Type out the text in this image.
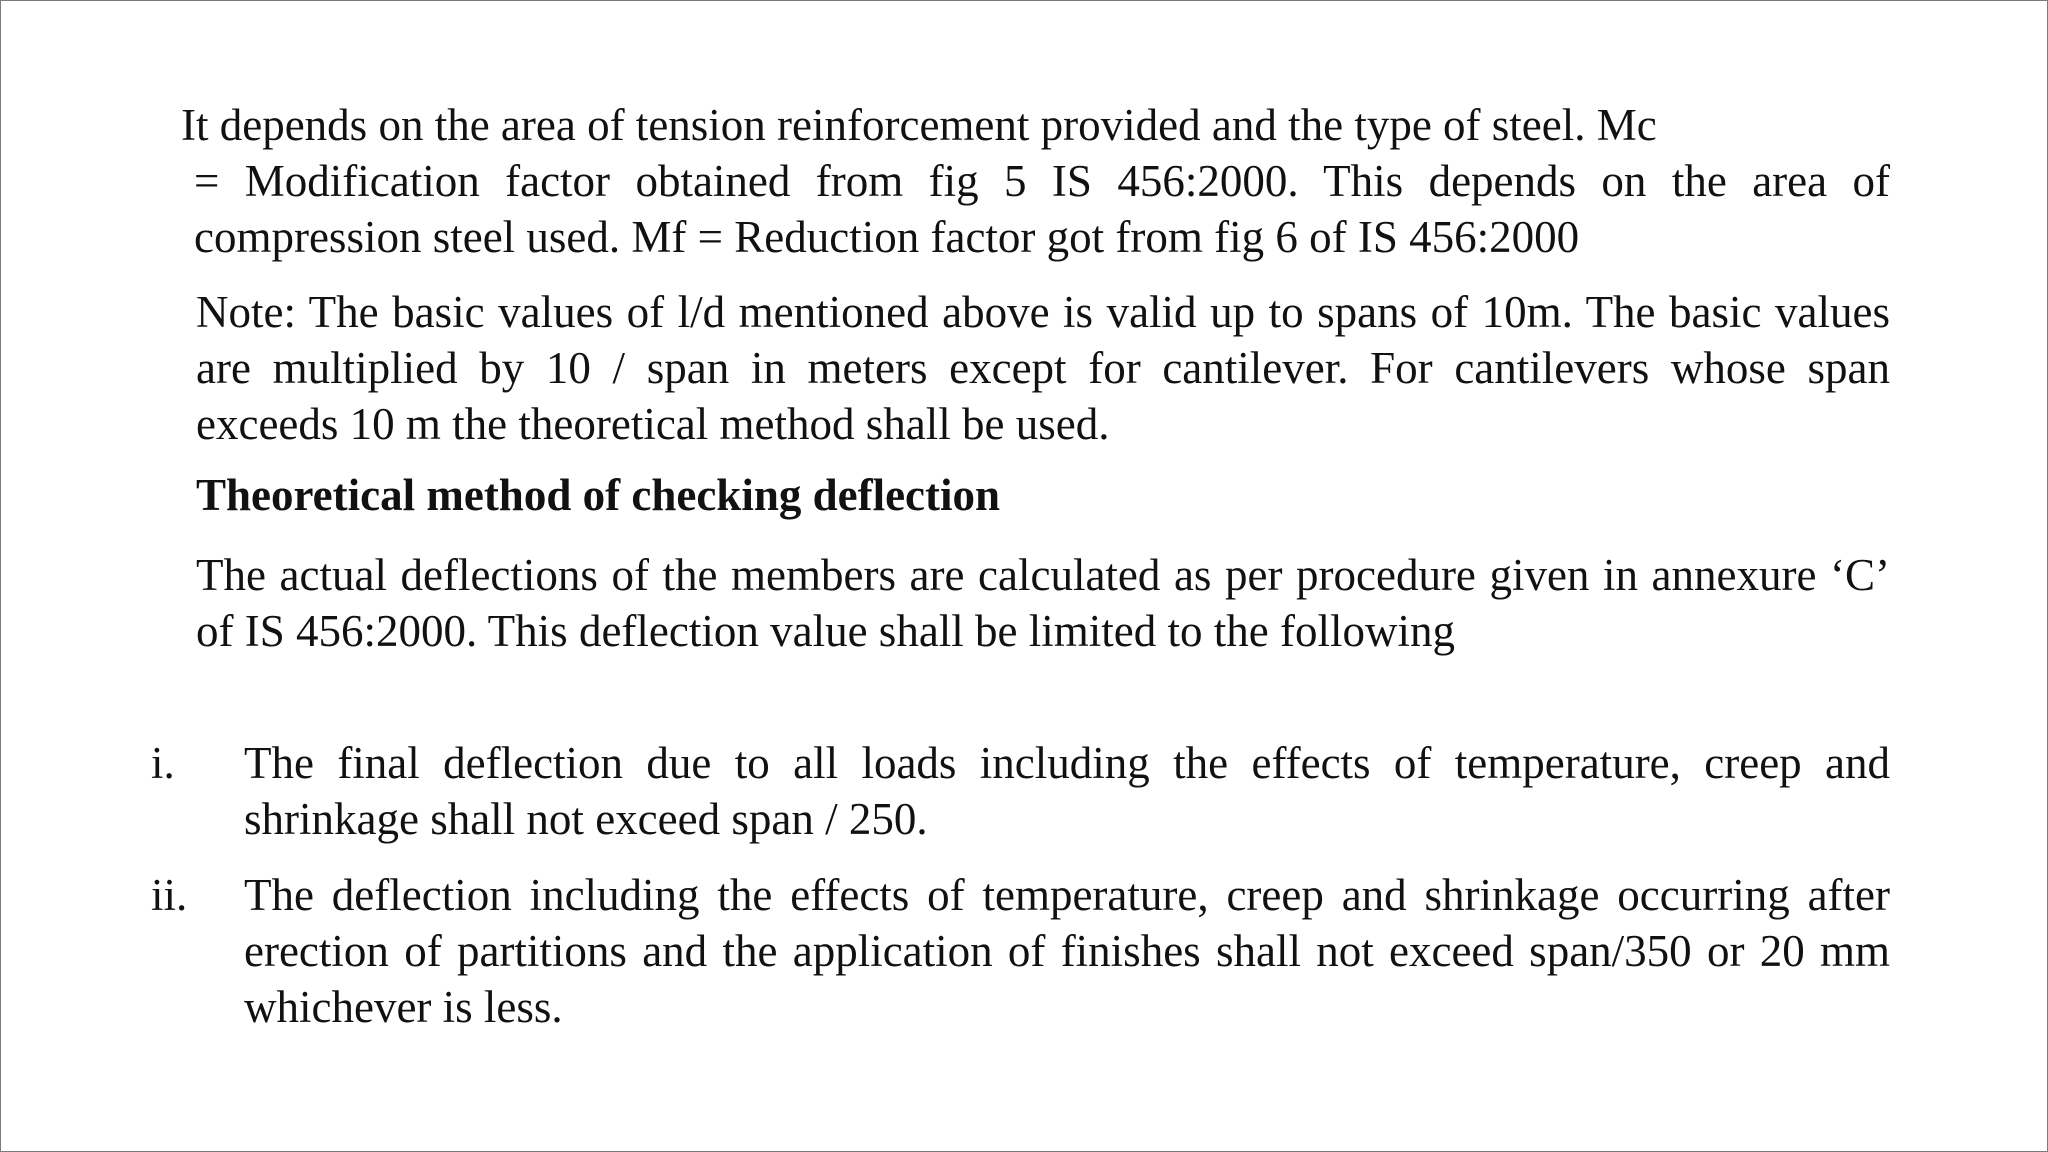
It depends on the area of tension reinforcement provided and the type of steel. Mc
= Modification factor obtained from fig 5 IS 456:2000. This depends on the area of compression steel used. Mf = Reduction factor got from fig 6 of IS 456:2000

Note: The basic values of l/d mentioned above is valid up to spans of 10m. The basic values are multiplied by 10 / span in meters except for cantilever. For cantilevers whose span exceeds 10 m the theoretical method shall be used.

Theoretical method of checking deflection

The actual deflections of the members are calculated as per procedure given in annexure ‘C’ of IS 456:2000. This deflection value shall be limited to the following

i.	The final deflection due to all loads including the effects of temperature, creep and shrinkage shall not exceed span / 250.
ii.	The deflection including the effects of temperature, creep and shrinkage occurring after erection of partitions and the application of finishes shall not exceed span/350 or 20 mm whichever is less.
